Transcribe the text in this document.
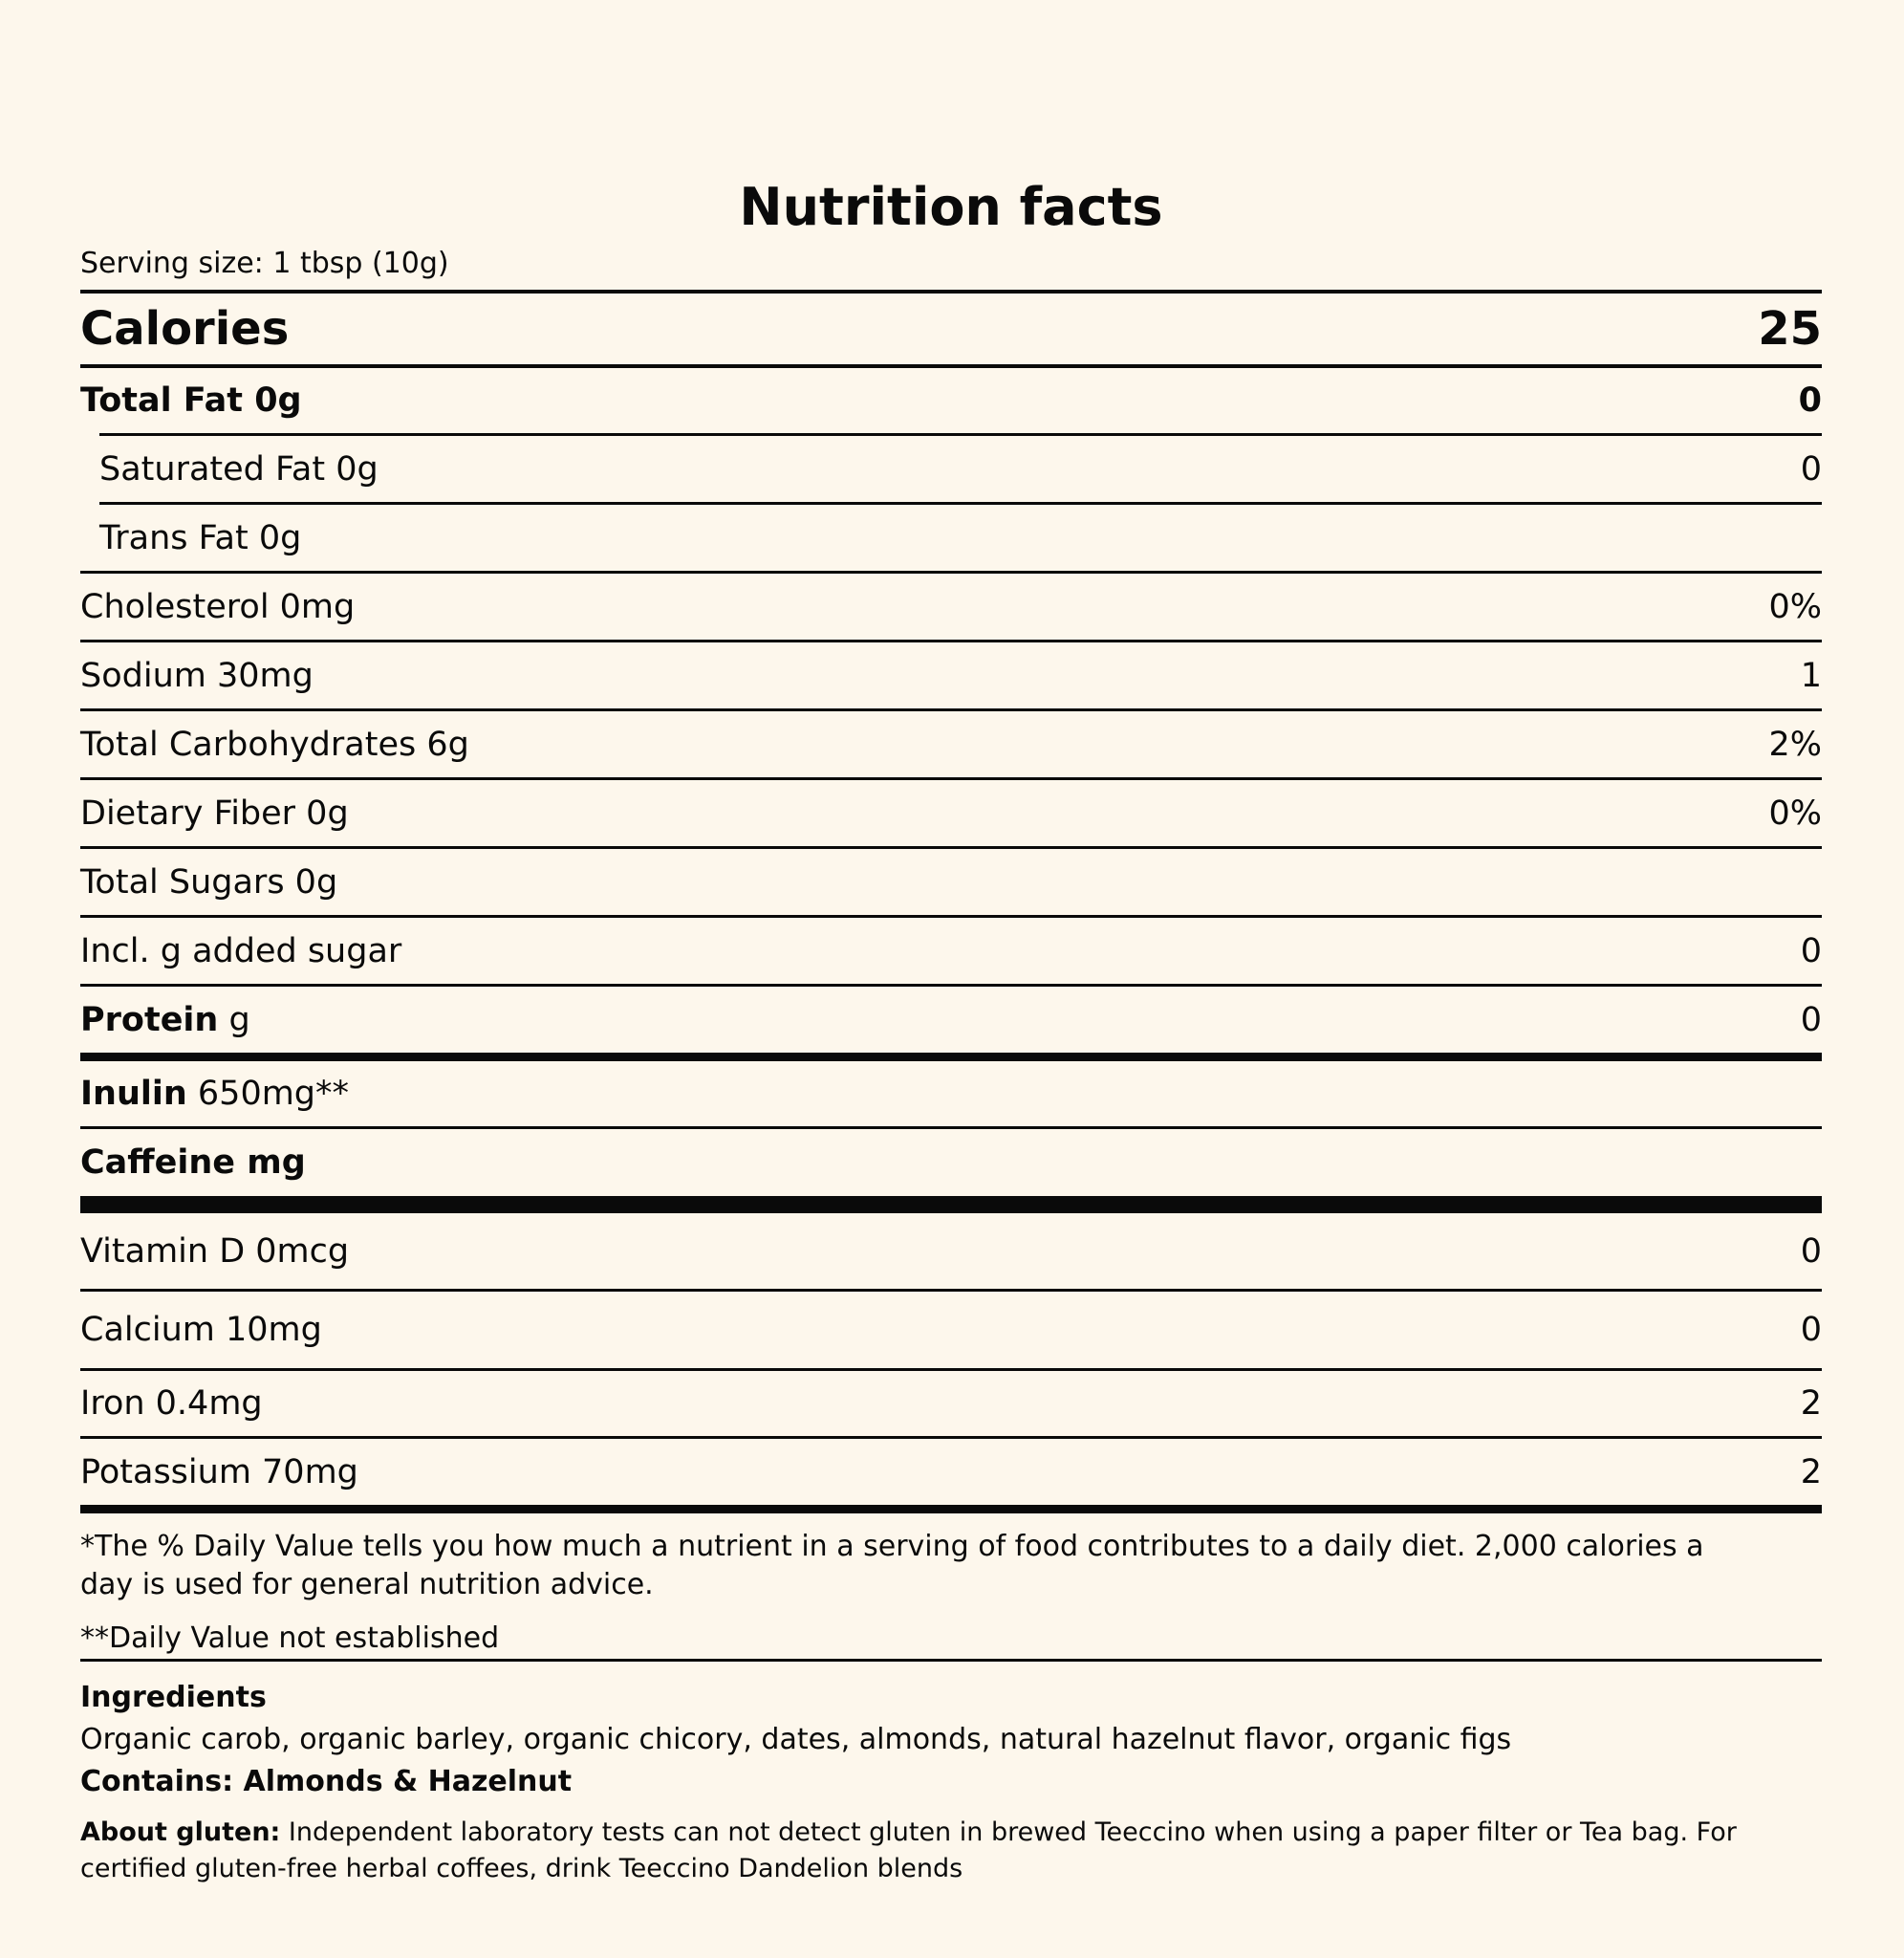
Nutrition facts
Serving size: 1 tbsp (10g)
Calories	25
Total Fat 0g	0
Saturated Fat 0g	0
Trans Fat 0g
Cholesterol 0mg	0%
Sodium 30mg	1
Total Carbohydrates 6g	2%
Dietary Fiber 0g	0%
Total Sugars 0g
Incl. g added sugar	0
Protein g	0
Inulin 650mg**
Caffeine mg
Vitamin D 0mcg	0
Calcium 10mg	0
Iron 0.4mg	2
Potassium 70mg	2
*The % Daily Value tells you how much a nutrient in a serving of food contributes to a daily diet. 2,000 calories a
day is used for general nutrition advice.
**Daily Value not established
Ingredients
Organic carob, organic barley, organic chicory, dates, almonds, natural hazelnut flavor, organic figs
Contains: Almonds & Hazelnut
About gluten: Independent laboratory tests can not detect gluten in brewed Teeccino when using a paper filter or Tea bag. For
certified gluten-free herbal coffees, drink Teeccino Dandelion blends
